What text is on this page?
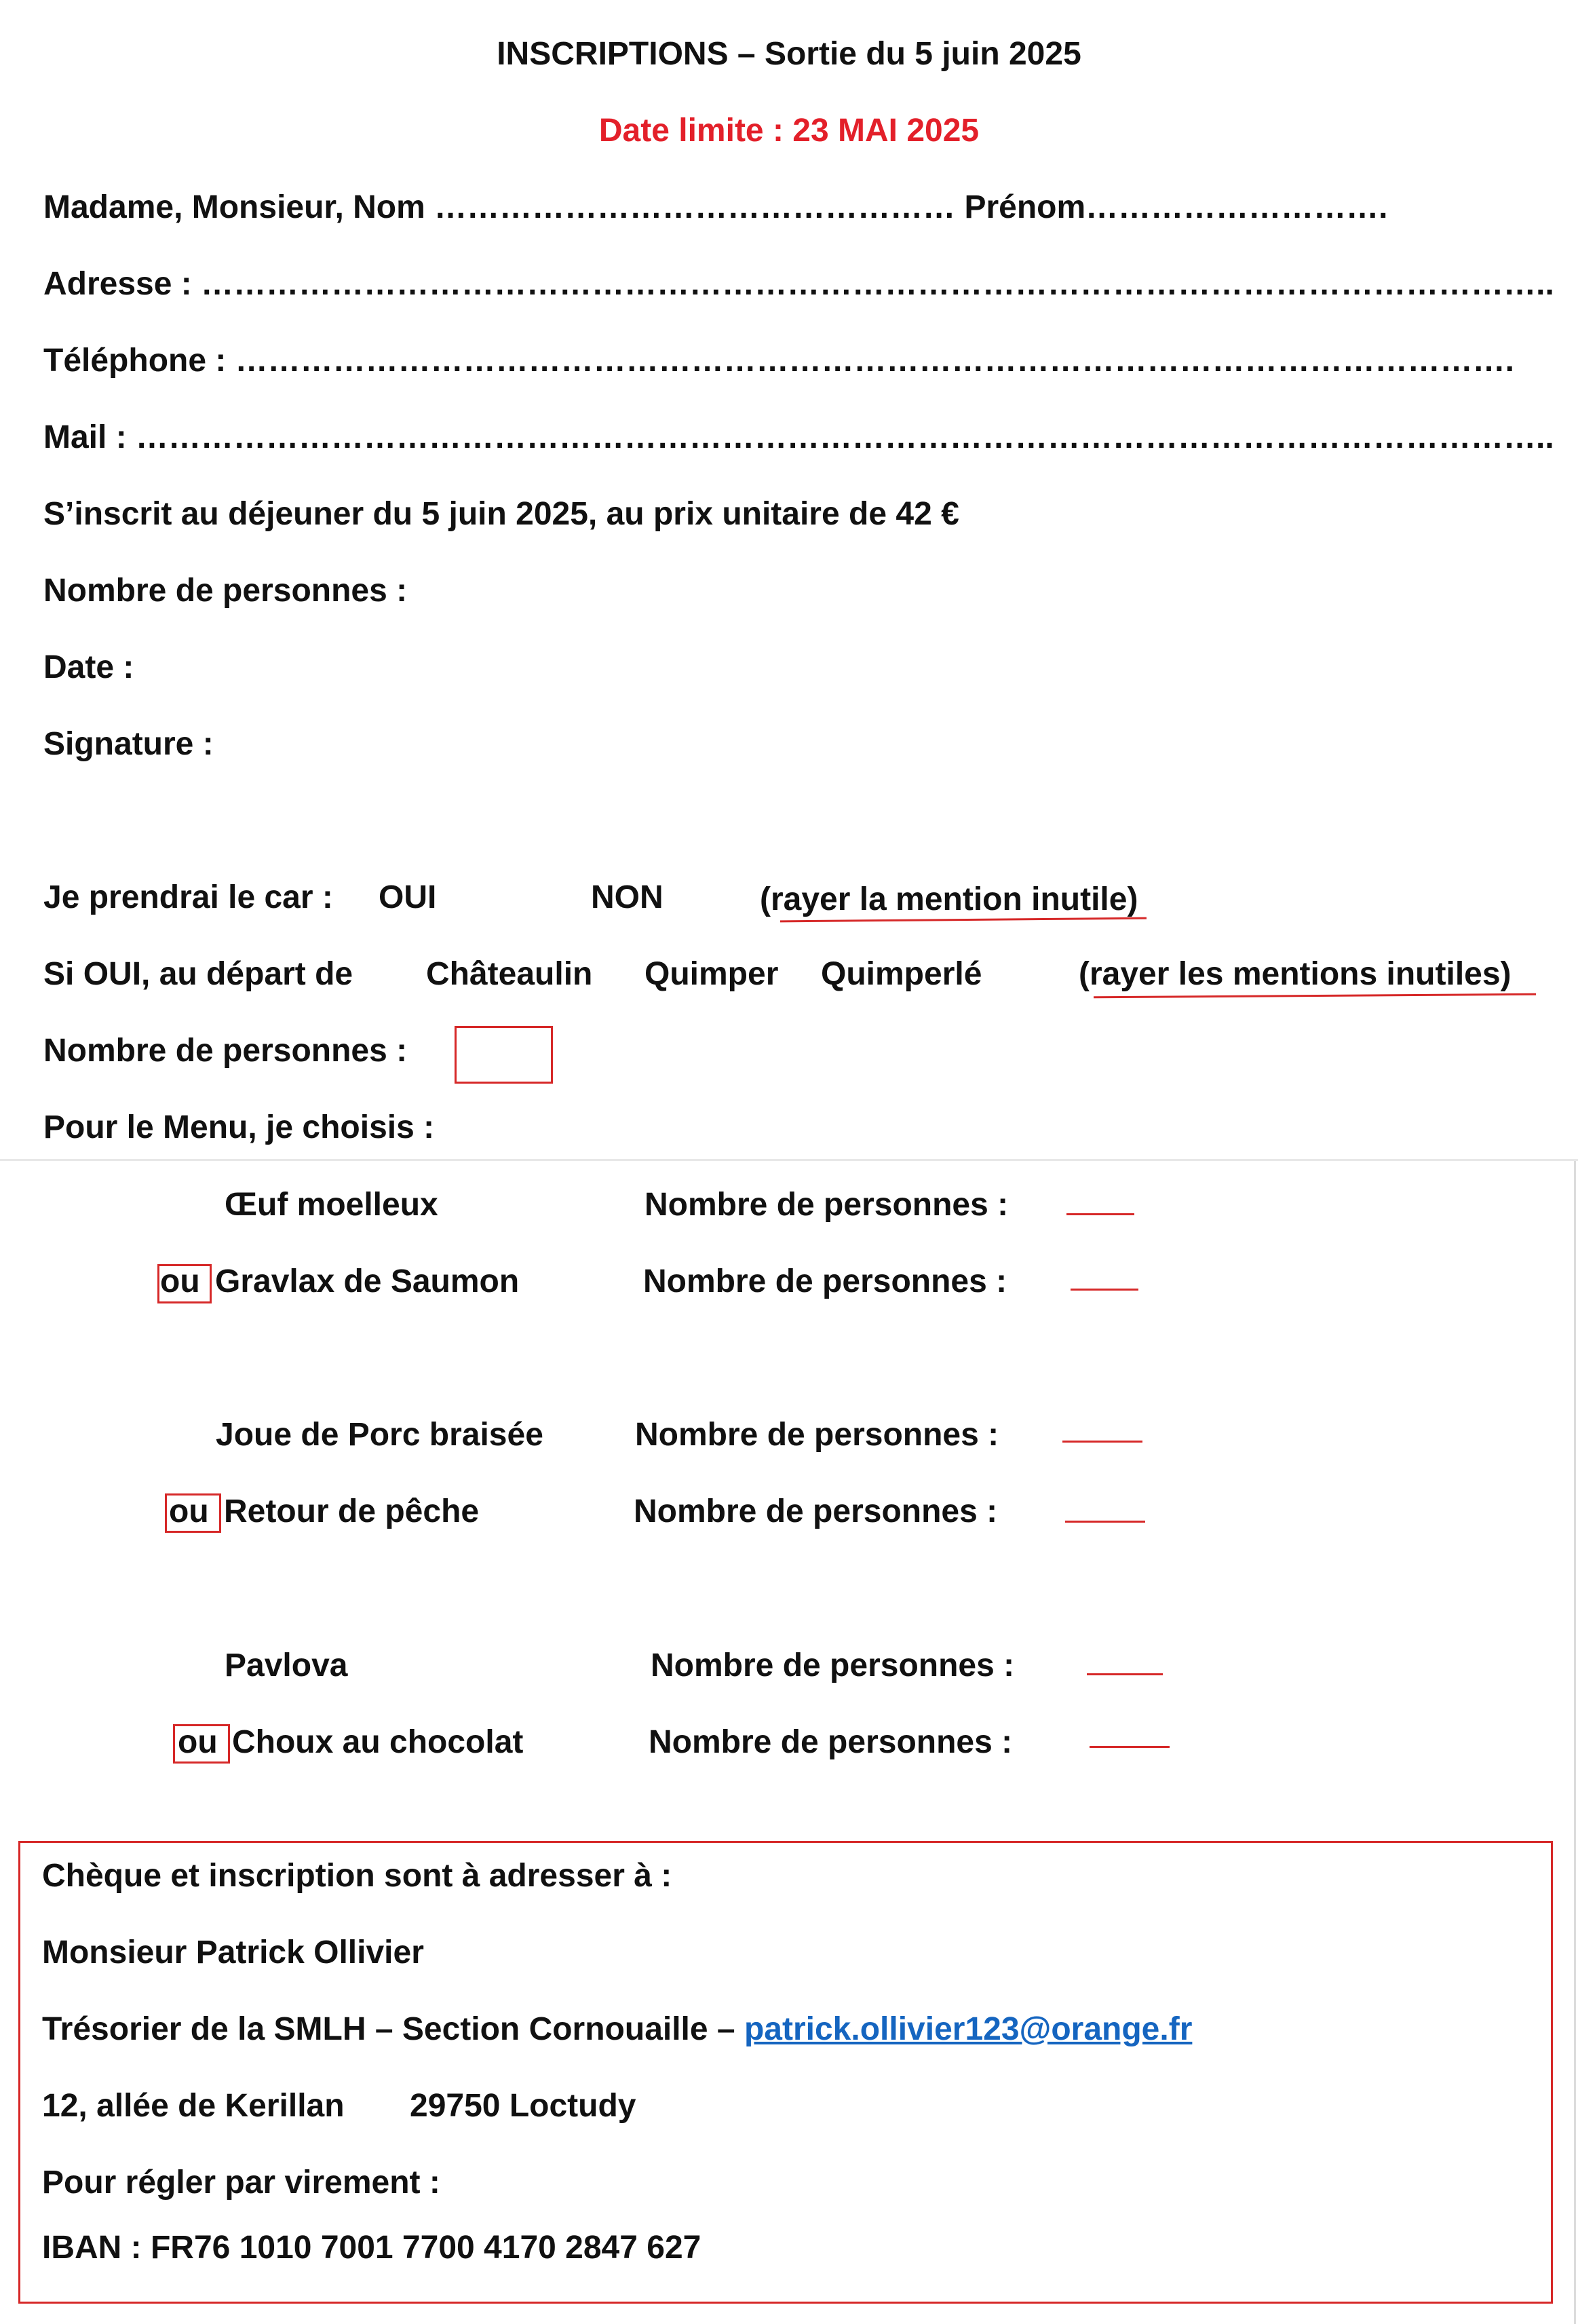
INSCRIPTIONS – Sortie du 5 juin 2025
Date limite : 23 MAI 2025
Madame, Monsieur, Nom ………………………………………… Prénom……………………….
Adresse : ……………………………………………………………………………………………………………..
Téléphone : ……………………………………………………………………………………………………….
Mail : …………………………………………………………………………………………………………………..
S’inscrit au déjeuner du 5 juin 2025, au prix unitaire de 42 €
Nombre de personnes :
Date :
Signature :
Je prendrai le car : OUI	NON	(rayer la mention inutile)
Si OUI, au départ de Châteaulin Quimper Quimperlé	(rayer les mentions inutiles)
Nombre de personnes :
Pour le Menu, je choisis :
Œuf moelleux	Nombre de personnes :
ou Gravlax de Saumon	Nombre de personnes :
Joue de Porc braisée	Nombre de personnes :
ou Retour de pêche	Nombre de personnes :
Pavlova	Nombre de personnes :
ou Choux au chocolat	Nombre de personnes :
Chèque et inscription sont à adresser à :
Monsieur Patrick Ollivier
Trésorier de la SMLH – Section Cornouaille – patrick.ollivier123@orange.fr
12, allée de Kerillan 29750 Loctudy
Pour régler par virement :
IBAN : FR76 1010 7001 7700 4170 2847 627
